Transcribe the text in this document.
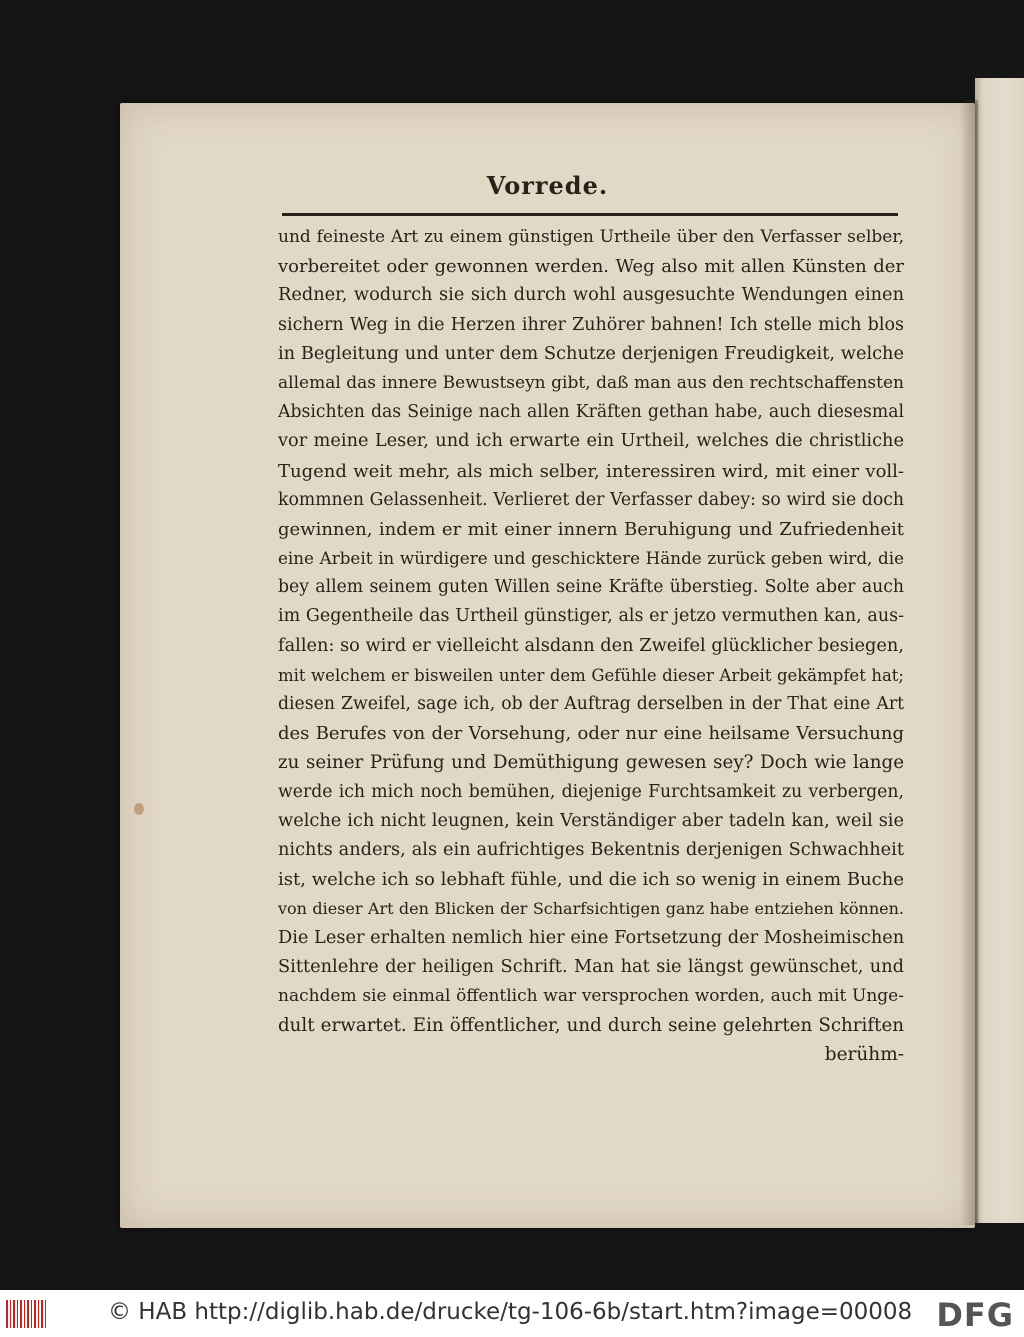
Vorrede.
und feineste Art zu einem günstigen Urtheile über den Verfasser selber,
vorbereitet oder gewonnen werden. Weg also mit allen Künsten der
Redner, wodurch sie sich durch wohl ausgesuchte Wendungen einen
sichern Weg in die Herzen ihrer Zuhörer bahnen! Ich stelle mich blos
in Begleitung und unter dem Schutze derjenigen Freudigkeit, welche
allemal das innere Bewustseyn gibt, daß man aus den rechtschaffensten
Absichten das Seinige nach allen Kräften gethan habe, auch diesesmal
vor meine Leser, und ich erwarte ein Urtheil, welches die christliche
Tugend weit mehr, als mich selber, interessiren wird, mit einer voll-
kommnen Gelassenheit. Verlieret der Verfasser dabey: so wird sie doch
gewinnen, indem er mit einer innern Beruhigung und Zufriedenheit
eine Arbeit in würdigere und geschicktere Hände zurück geben wird, die
bey allem seinem guten Willen seine Kräfte überstieg. Solte aber auch
im Gegentheile das Urtheil günstiger, als er jetzo vermuthen kan, aus-
fallen: so wird er vielleicht alsdann den Zweifel glücklicher besiegen,
mit welchem er bisweilen unter dem Gefühle dieser Arbeit gekämpfet hat;
diesen Zweifel, sage ich, ob der Auftrag derselben in der That eine Art
des Berufes von der Vorsehung, oder nur eine heilsame Versuchung
zu seiner Prüfung und Demüthigung gewesen sey? Doch wie lange
werde ich mich noch bemühen, diejenige Furchtsamkeit zu verbergen,
welche ich nicht leugnen, kein Verständiger aber tadeln kan, weil sie
nichts anders, als ein aufrichtiges Bekentnis derjenigen Schwachheit
ist, welche ich so lebhaft fühle, und die ich so wenig in einem Buche
von dieser Art den Blicken der Scharfsichtigen ganz habe entziehen können.
Die Leser erhalten nemlich hier eine Fortsetzung der Mosheimischen
Sittenlehre der heiligen Schrift. Man hat sie längst gewünschet, und
nachdem sie einmal öffentlich war versprochen worden, auch mit Unge-
dult erwartet. Ein öffentlicher, und durch seine gelehrten Schriften
berühm-
© HAB http://diglib.hab.de/drucke/tg-106-6b/start.htm?image=00008 DFG
